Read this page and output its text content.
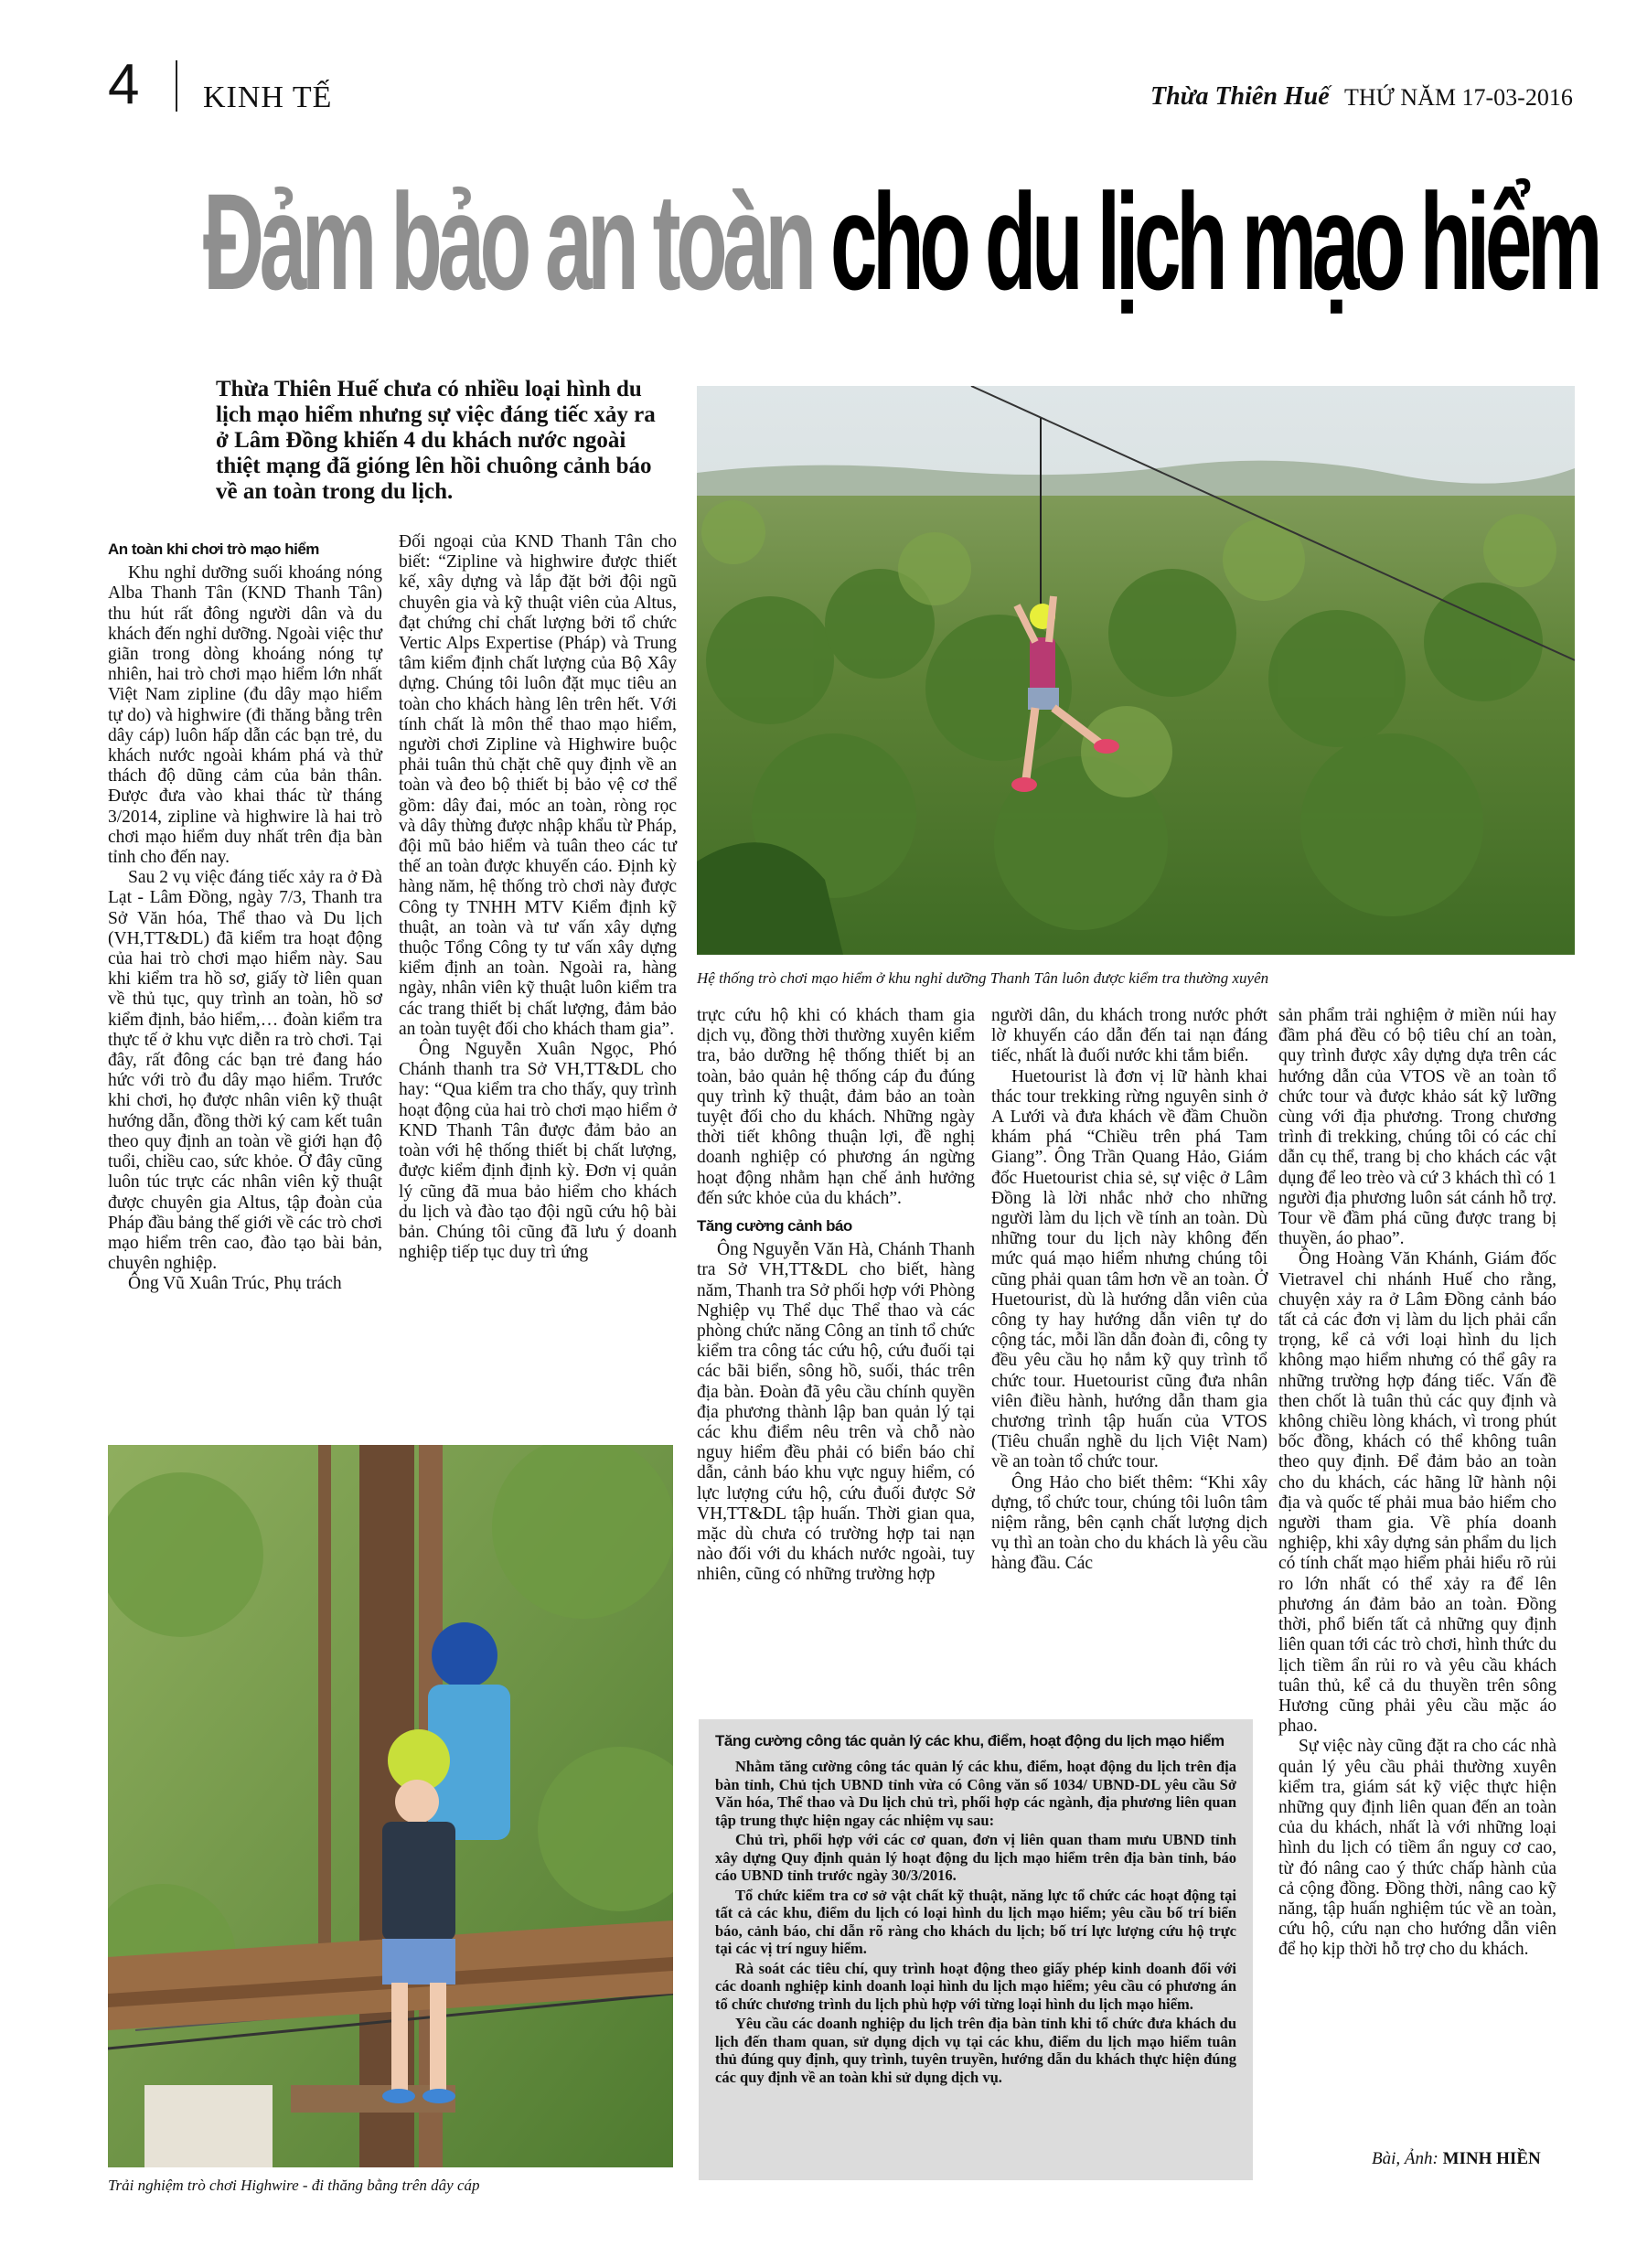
4 KINH TẾ	Thừa Thiên Huế THỨ NĂM 17-03-2016
Đảm bảo an toàn cho du lịch mạo hiểm
Thừa Thiên Huế chưa có nhiều loại hình du lịch mạo hiểm nhưng sự việc đáng tiếc xảy ra ở Lâm Đồng khiến 4 du khách nước ngoài thiệt mạng đã gióng lên hồi chuông cảnh báo về an toàn trong du lịch.
Hệ thống trò chơi mạo hiểm ở khu nghỉ dưỡng Thanh Tân luôn được kiểm tra thường xuyên
An toàn khi chơi trò mạo hiểm

Khu nghỉ dưỡng suối khoáng nóng Alba Thanh Tân (KND Thanh Tân) thu hút rất đông người dân và du khách đến nghỉ dưỡng. Ngoài việc thư giãn trong dòng khoáng nóng tự nhiên, hai trò chơi mạo hiểm lớn nhất Việt Nam zipline (đu dây mạo hiểm tự do) và highwire (đi thăng bằng trên dây cáp) luôn hấp dẫn các bạn trẻ, du khách nước ngoài khám phá và thử thách độ dũng cảm của bản thân. Được đưa vào khai thác từ tháng 3/2014, zipline và highwire là hai trò chơi mạo hiểm duy nhất trên địa bàn tỉnh cho đến nay.

Sau 2 vụ việc đáng tiếc xảy ra ở Đà Lạt - Lâm Đồng, ngày 7/3, Thanh tra Sở Văn hóa, Thể thao và Du lịch (VH,TT&DL) đã kiểm tra hoạt động của hai trò chơi mạo hiểm này. Sau khi kiểm tra hồ sơ, giấy tờ liên quan về thủ tục, quy trình an toàn, hồ sơ kiểm định, bảo hiểm,… đoàn kiểm tra thực tế ở khu vực diễn ra trò chơi. Tại đây, rất đông các bạn trẻ đang háo hức với trò đu dây mạo hiểm. Trước khi chơi, họ được nhân viên kỹ thuật hướng dẫn, đồng thời ký cam kết tuân theo quy định an toàn về giới hạn độ tuổi, chiều cao, sức khỏe. Ở đây cũng luôn túc trực các nhân viên kỹ thuật được chuyên gia Altus, tập đoàn của Pháp đầu bảng thế giới về các trò chơi mạo hiểm trên cao, đào tạo bài bản, chuyên nghiệp.

Ông Vũ Xuân Trúc, Phụ trách

Đối ngoại của KND Thanh Tân cho biết: “Zipline và highwire được thiết kế, xây dựng và lắp đặt bởi đội ngũ chuyên gia và kỹ thuật viên của Altus, đạt chứng chỉ chất lượng bởi tổ chức Vertic Alps Expertise (Pháp) và Trung tâm kiểm định chất lượng của Bộ Xây dựng. Chúng tôi luôn đặt mục tiêu an toàn cho khách hàng lên trên hết. Với tính chất là môn thể thao mạo hiểm, người chơi Zipline và Highwire buộc phải tuân thủ chặt chẽ quy định về an toàn và đeo bộ thiết bị bảo vệ cơ thể gồm: dây đai, móc an toàn, ròng rọc và dây thừng được nhập khẩu từ Pháp, đội mũ bảo hiểm và tuân theo các tư thế an toàn được khuyến cáo. Định kỳ hàng năm, hệ thống trò chơi này được Công ty TNHH MTV Kiểm định kỹ thuật, an toàn và tư vấn xây dựng thuộc Tổng Công ty tư vấn xây dựng kiểm định an toàn. Ngoài ra, hàng ngày, nhân viên kỹ thuật luôn kiểm tra các trang thiết bị chất lượng, đảm bảo an toàn tuyệt đối cho khách tham gia”.

Ông Nguyễn Xuân Ngọc, Phó Chánh thanh tra Sở VH,TT&DL cho hay: “Qua kiểm tra cho thấy, quy trình hoạt động của hai trò chơi mạo hiểm ở KND Thanh Tân được đảm bảo an toàn với hệ thống thiết bị chất lượng, được kiểm định định kỳ. Đơn vị quản lý cũng đã mua bảo hiểm cho khách du lịch và đào tạo đội ngũ cứu hộ bài bản. Chúng tôi cũng đã lưu ý doanh nghiệp tiếp tục duy trì ứng

Trải nghiệm trò chơi Highwire - đi thăng bằng trên dây cáp

trực cứu hộ khi có khách tham gia dịch vụ, đồng thời thường xuyên kiểm tra, bảo dưỡng hệ thống thiết bị an toàn, bảo quản hệ thống cáp đu đúng quy trình kỹ thuật, đảm bảo an toàn tuyệt đối cho du khách. Những ngày thời tiết không thuận lợi, đề nghị doanh nghiệp có phương án ngừng hoạt động nhằm hạn chế ảnh hưởng đến sức khỏe của du khách”.

Tăng cường cảnh báo

Ông Nguyễn Văn Hà, Chánh Thanh tra Sở VH,TT&DL cho biết, hàng năm, Thanh tra Sở phối hợp với Phòng Nghiệp vụ Thể dục Thể thao và các phòng chức năng Công an tỉnh tổ chức kiểm tra công tác cứu hộ, cứu đuối tại các bãi biển, sông hồ, suối, thác trên địa bàn. Đoàn đã yêu cầu chính quyền địa phương thành lập ban quản lý tại các khu điểm nêu trên và chỗ nào nguy hiểm đều phải có biển báo chỉ dẫn, cảnh báo khu vực nguy hiểm, có lực lượng cứu hộ, cứu đuối được Sở VH,TT&DL tập huấn. Thời gian qua, mặc dù chưa có trường hợp tai nạn nào đối với du khách nước ngoài, tuy nhiên, cũng có những trường hợp

người dân, du khách trong nước phớt lờ khuyến cáo dẫn đến tai nạn đáng tiếc, nhất là đuối nước khi tắm biển.

Huetourist là đơn vị lữ hành khai thác tour trekking rừng nguyên sinh ở A Lưới và đưa khách về đầm Chuồn khám phá “Chiều trên phá Tam Giang”. Ông Trần Quang Hảo, Giám đốc Huetourist chia sẻ, sự việc ở Lâm Đồng là lời nhắc nhở cho những người làm du lịch về tính an toàn. Dù những tour du lịch này không đến mức quá mạo hiểm nhưng chúng tôi cũng phải quan tâm hơn về an toàn. Ở Huetourist, dù là hướng dẫn viên của công ty hay hướng dẫn viên tự do cộng tác, mỗi lần dẫn đoàn đi, công ty đều yêu cầu họ nắm kỹ quy trình tổ chức tour. Huetourist cũng đưa nhân viên điều hành, hướng dẫn tham gia chương trình tập huấn của VTOS (Tiêu chuẩn nghề du lịch Việt Nam) về an toàn tổ chức tour.

Ông Hảo cho biết thêm: “Khi xây dựng, tổ chức tour, chúng tôi luôn tâm niệm rằng, bên cạnh chất lượng dịch vụ thì an toàn cho du khách là yêu cầu hàng đầu. Các

sản phẩm trải nghiệm ở miền núi hay đầm phá đều có bộ tiêu chí an toàn, quy trình được xây dựng dựa trên các hướng dẫn của VTOS về an toàn tổ chức tour và được khảo sát kỹ lưỡng cùng với địa phương. Trong chương trình đi trekking, chúng tôi có các chỉ dẫn cụ thể, trang bị cho khách các vật dụng để leo trèo và cứ 3 khách thì có 1 người địa phương luôn sát cánh hỗ trợ. Tour về đầm phá cũng được trang bị thuyền, áo phao”.

Ông Hoàng Văn Khánh, Giám đốc Vietravel chi nhánh Huế cho rằng, chuyện xảy ra ở Lâm Đồng cảnh báo tất cả các đơn vị làm du lịch phải cẩn trọng, kể cả với loại hình du lịch không mạo hiểm nhưng có thể gây ra những trường hợp đáng tiếc. Vấn đề then chốt là tuân thủ các quy định và không chiều lòng khách, vì trong phút bốc đồng, khách có thể không tuân theo quy định. Để đảm bảo an toàn cho du khách, các hãng lữ hành nội địa và quốc tế phải mua bảo hiểm cho người tham gia. Về phía doanh nghiệp, khi xây dựng sản phẩm du lịch có tính chất mạo hiểm phải hiểu rõ rủi ro lớn nhất có thể xảy ra để lên phương án đảm bảo an toàn. Đồng thời, phổ biến tất cả những quy định liên quan tới các trò chơi, hình thức du lịch tiềm ẩn rủi ro và yêu cầu khách tuân thủ, kể cả du thuyền trên sông Hương cũng phải yêu cầu mặc áo phao.

Sự việc này cũng đặt ra cho các nhà quản lý yêu cầu phải thường xuyên kiểm tra, giám sát kỹ việc thực hiện những quy định liên quan đến an toàn của du khách, nhất là với những loại hình du lịch có tiềm ẩn nguy cơ cao, từ đó nâng cao ý thức chấp hành của cả cộng đồng. Đồng thời, nâng cao kỹ năng, tập huấn nghiệm túc về an toàn, cứu hộ, cứu nạn cho hướng dẫn viên để họ kịp thời hỗ trợ cho du khách.

Tăng cường công tác quản lý các khu, điểm, hoạt động du lịch mạo hiểm

Nhằm tăng cường công tác quản lý các khu, điểm, hoạt động du lịch trên địa bàn tỉnh, Chủ tịch UBND tỉnh vừa có Công văn số 1034/ UBND-DL yêu cầu Sở Văn hóa, Thể thao và Du lịch chủ trì, phối hợp các ngành, địa phương liên quan tập trung thực hiện ngay các nhiệm vụ sau:

Chủ trì, phối hợp với các cơ quan, đơn vị liên quan tham mưu UBND tỉnh xây dựng Quy định quản lý hoạt động du lịch mạo hiểm trên địa bàn tỉnh, báo cáo UBND tỉnh trước ngày 30/3/2016.

Tổ chức kiểm tra cơ sở vật chất kỹ thuật, năng lực tổ chức các hoạt động tại tất cả các khu, điểm du lịch có loại hình du lịch mạo hiểm; yêu cầu bố trí biển báo, cảnh báo, chỉ dẫn rõ ràng cho khách du lịch; bố trí lực lượng cứu hộ trực tại các vị trí nguy hiểm.

Rà soát các tiêu chí, quy trình hoạt động theo giấy phép kinh doanh đối với các doanh nghiệp kinh doanh loại hình du lịch mạo hiểm; yêu cầu có phương án tổ chức chương trình du lịch phù hợp với từng loại hình du lịch mạo hiểm.

Yêu cầu các doanh nghiệp du lịch trên địa bàn tỉnh khi tổ chức đưa khách du lịch đến tham quan, sử dụng dịch vụ tại các khu, điểm du lịch mạo hiểm tuân thủ đúng quy định, quy trình, tuyên truyền, hướng dẫn du khách thực hiện đúng các quy định về an toàn khi sử dụng dịch vụ.

Bài, Ảnh: MINH HIỀN
